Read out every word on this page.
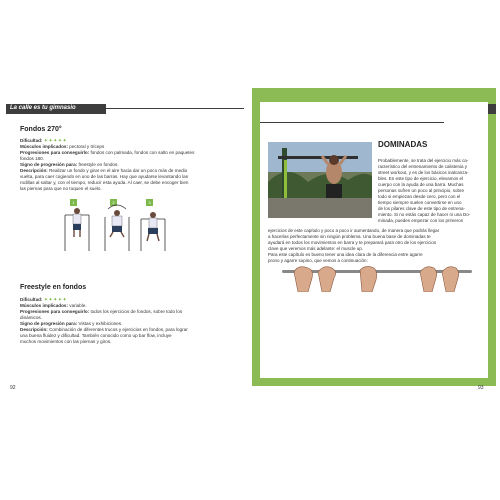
La calle es tu gimnasio
Fondos 270°
Dificultad: ✦✦✦✦✦
Músculos implicados: pectoral y tríceps
Progresiones para conseguirlo: fondos con palmada, fondos con salto en paquetes
fondos 180.
Signo de progresión para: freestyle en fondos.
Descripción: Realizar un fondo y girar en el aire hacia dar un poco más de medio
vuelta, para caer cogiendo en uno de las barras. Hay que ayudarse levantando las
rodillas al saltar y, con el tiempo, reducir esta ayuda. Al caer, se debe encoger bien
las piernas para que no toquen el suelo.
1	2	3
Freestyle en fondos
Dificultad: ✦✦✦✦✦
Músculos implicados: variable.
Progresiones para conseguirlo: todos los ejercicios de fondos, sobre todo los
dinámicos.
Signo de progresión para: Vistas y exhibiciones.
Descripción: Combinación de diferentes trucos y ejercicios en fondos, para lograr
una buena fluidez y dificultad. También conocido como up bar flow, incluye
muchos movimientos con las piernas y giros.
92
DOMINADAS
Probablemente, se trata del ejercicio más ca-
racterístico del entrenamiento de calistenia y
street workout, y es de los básicos inalcanza-
bles. En este tipo de ejercicio, elevamos el
cuerpo con la ayuda de una barra. Muchas
personas sufren un poco al principio, sobre
todo si empiezan desde cero, pero con el
tiempo siempre suelen convertirse en uno
de los pilares clave de este tipo de entrena-
miento. Si no estás capaz de hacer ni una Do-
minada, puedes empezar con los primeros
ejercicios de este capítulo y poco a poco ir aumentando, de manera que podrás llegar
a hacerlas perfectamente sin ningún problema. Una buena base de dominadas te
ayudará en todos los movimientos en barra y te preparará para otro de los ejercicios
clave que veremos más adelante: el muscle up.
Para este capítulo es bueno tener una idea clara de la diferencia entre agarre
prono y agarre supino, que vemos a continuación:
93
